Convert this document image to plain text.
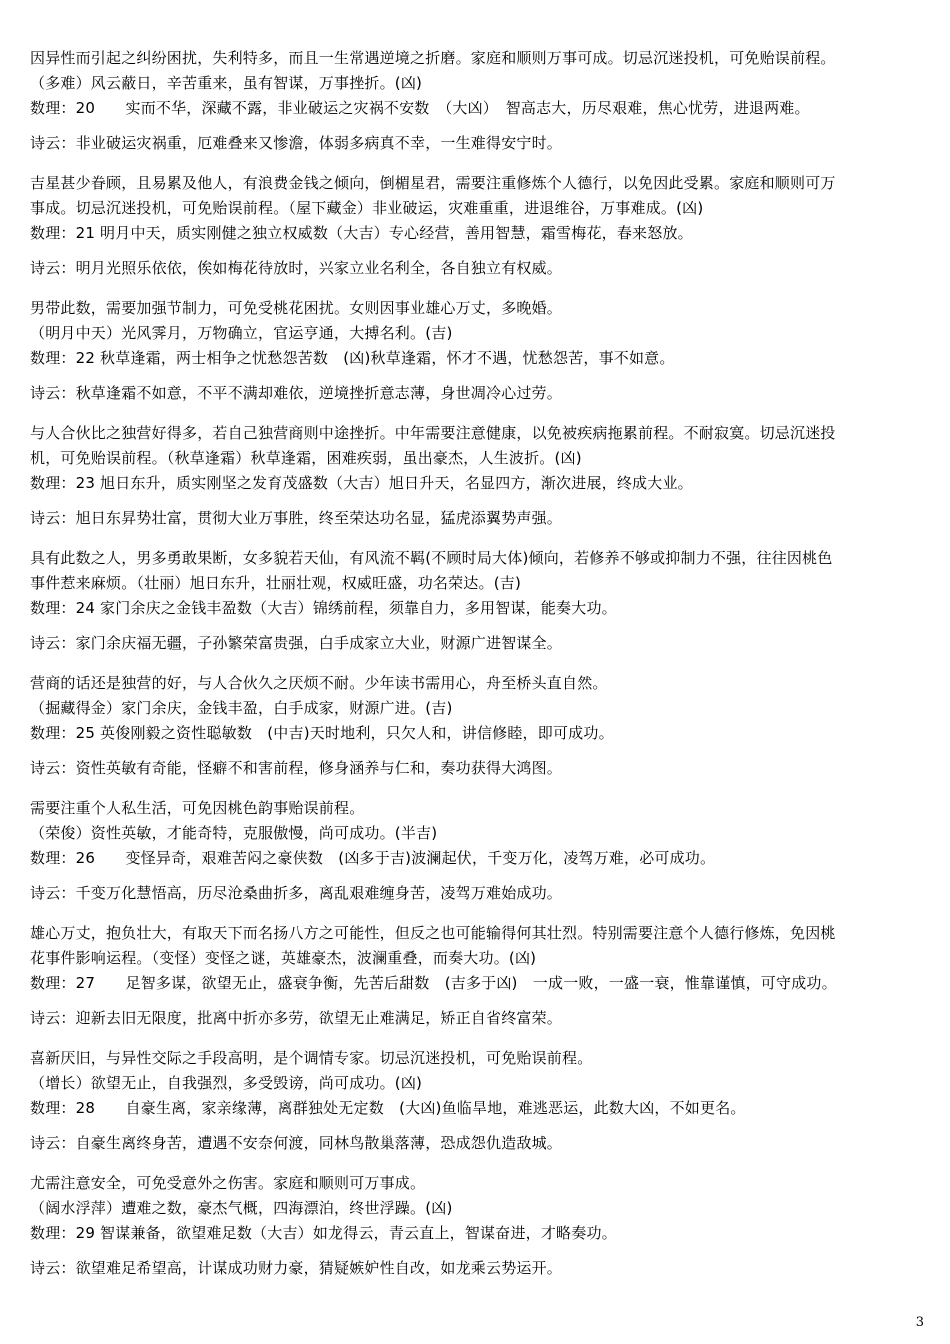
因异性而引起之纠纷困扰，失利特多，而且一生常遇逆境之折磨。家庭和顺则万事可成。切忌沉迷投机，可免贻误前程。
（多难）风云蔽日，辛苦重来，虽有智谋，万事挫折。(凶)
数理：20　　实而不华，深藏不露，非业破运之灾祸不安数　（大凶）　智高志大，历尽艰难，焦心忧劳，进退两难。
诗云：非业破运灾祸重，厄难叠来又惨澹，体弱多病真不幸，一生难得安宁时。
吉星甚少眷顾，且易累及他人，有浪费金钱之倾向，倒楣星君，需要注重修炼个人德行，以免因此受累。家庭和顺则可万
事成。切忌沉迷投机，可免贻误前程。（屋下藏金）非业破运，灾难重重，进退维谷，万事难成。(凶)
数理：21 明月中天，质实刚健之独立权威数（大吉）专心经营，善用智慧，霜雪梅花，春来怒放。
诗云：明月光照乐依依，俟如梅花待放时，兴家立业名利全，各自独立有权威。
男带此数，需要加强节制力，可免受桃花困扰。女则因事业雄心万丈，多晚婚。
（明月中天）光风霁月，万物确立，官运亨通，大搏名利。(吉)
数理：22 秋草逢霜，两士相争之忧愁怨苦数　(凶)秋草逢霜，怀才不遇，忧愁怨苦，事不如意。
诗云：秋草逢霜不如意，不平不满却难依，逆境挫折意志薄，身世凋冷心过劳。
与人合伙比之独营好得多，若自己独营商则中途挫折。中年需要注意健康，以免被疾病拖累前程。不耐寂寞。切忌沉迷投
机，可免贻误前程。（秋草逢霜）秋草逢霜，困难疾弱，虽出豪杰，人生波折。(凶)
数理：23 旭日东升，质实刚坚之发育茂盛数（大吉）旭日升天，名显四方，渐次进展，终成大业。
诗云：旭日东昇势壮富，贯彻大业万事胜，终至荣达功名显，猛虎添翼势声强。
具有此数之人，男多勇敢果断，女多貌若天仙，有风流不羁(不顾时局大体)倾向，若修养不够或抑制力不强，往往因桃色
事件惹来麻烦。（壮丽）旭日东升，壮丽壮观，权威旺盛，功名荣达。(吉)
数理：24 家门余庆之金钱丰盈数（大吉）锦绣前程，须靠自力，多用智谋，能奏大功。
诗云：家门余庆福无疆，子孙繁荣富贵强，白手成家立大业，财源广进智谋全。
营商的话还是独营的好，与人合伙久之厌烦不耐。少年读书需用心，舟至桥头直自然。
（掘藏得金）家门余庆，金钱丰盈，白手成家，财源广进。(吉)
数理：25 英俊刚毅之资性聪敏数　(中吉)天时地利，只欠人和，讲信修睦，即可成功。
诗云：资性英敏有奇能，怪癖不和害前程，修身涵养与仁和，奏功获得大鸿图。
需要注重个人私生活，可免因桃色韵事贻误前程。
（荣俊）资性英敏，才能奇特，克服傲慢，尚可成功。(半吉)
数理：26　　变怪异奇，艰难苦闷之豪侠数　(凶多于吉)波澜起伏，千变万化，凌驾万难，必可成功。
诗云：千变万化慧悟高，历尽沧桑曲折多，离乱艰难缠身苦，凌驾万难始成功。
雄心万丈，抱负壮大，有取天下而名扬八方之可能性，但反之也可能输得何其壮烈。特别需要注意个人德行修炼，免因桃
花事件影响运程。（变怪）变怪之谜，英雄豪杰，波澜重叠，而奏大功。(凶)
数理：27　　足智多谋，欲望无止，盛衰争衡，先苦后甜数　(吉多于凶)　一成一败，一盛一衰，惟靠谨慎，可守成功。
诗云：迎新去旧无限度，批离中折亦多劳，欲望无止难满足，矫正自省终富荣。
喜新厌旧，与异性交际之手段高明，是个调情专家。切忌沉迷投机，可免贻误前程。
（增长）欲望无止，自我强烈，多受毁谤，尚可成功。(凶)
数理：28　　自豪生离，家亲缘薄，离群独处无定数　(大凶)鱼临旱地，难逃恶运，此数大凶，不如更名。
诗云：自豪生离终身苦，遭遇不安奈何渡，同林鸟散巢落薄，恐成怨仇造敌城。
尤需注意安全，可免受意外之伤害。家庭和顺则可万事成。
（阔水浮萍）遭难之数，豪杰气概，四海漂泊，终世浮躁。(凶)
数理：29 智谋兼备，欲望难足数（大吉）如龙得云，青云直上，智谋奋进，才略奏功。
诗云：欲望难足希望高，计谋成功财力豪，猜疑嫉妒性自改，如龙乘云势运开。
3
